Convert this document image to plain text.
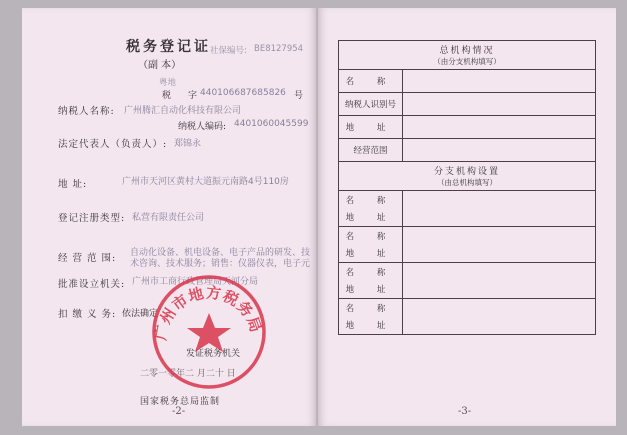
税务登记证
（副 本）
社保编号: BE8127954
粤地
税 字 440106687685826 号
纳税人名称: 广州腾汇自动化科技有限公司
纳税人编码: 4401060045599
法定代表人（负责人）: 郑锦永
地 址:	广州市天河区黄村大道振元南路4号110房
登记注册类型: 私营有限责任公司
经 营 范 围: 自动化设备、机电设备、电子产品的研发、技
术咨询、技术服务；销售：仪器仪表，电子元
批准设立机关: 广州市工商行政管理局天河分局
扣 缴 义 务: 依法确定
发证税务机关
二零一零年二 月二十 日
国家税务总局监制
-2-
广州市地方税务局
总机构情况
（由分支机构填写）	

名 称	
纳税人识别号	
地 址	
经营范围	

分支机构设置
（由总机构填写）	

名 称	
地 址	
名 称	
地 址	
名 称	
地 址	
名 称	
地 址	
-3-
